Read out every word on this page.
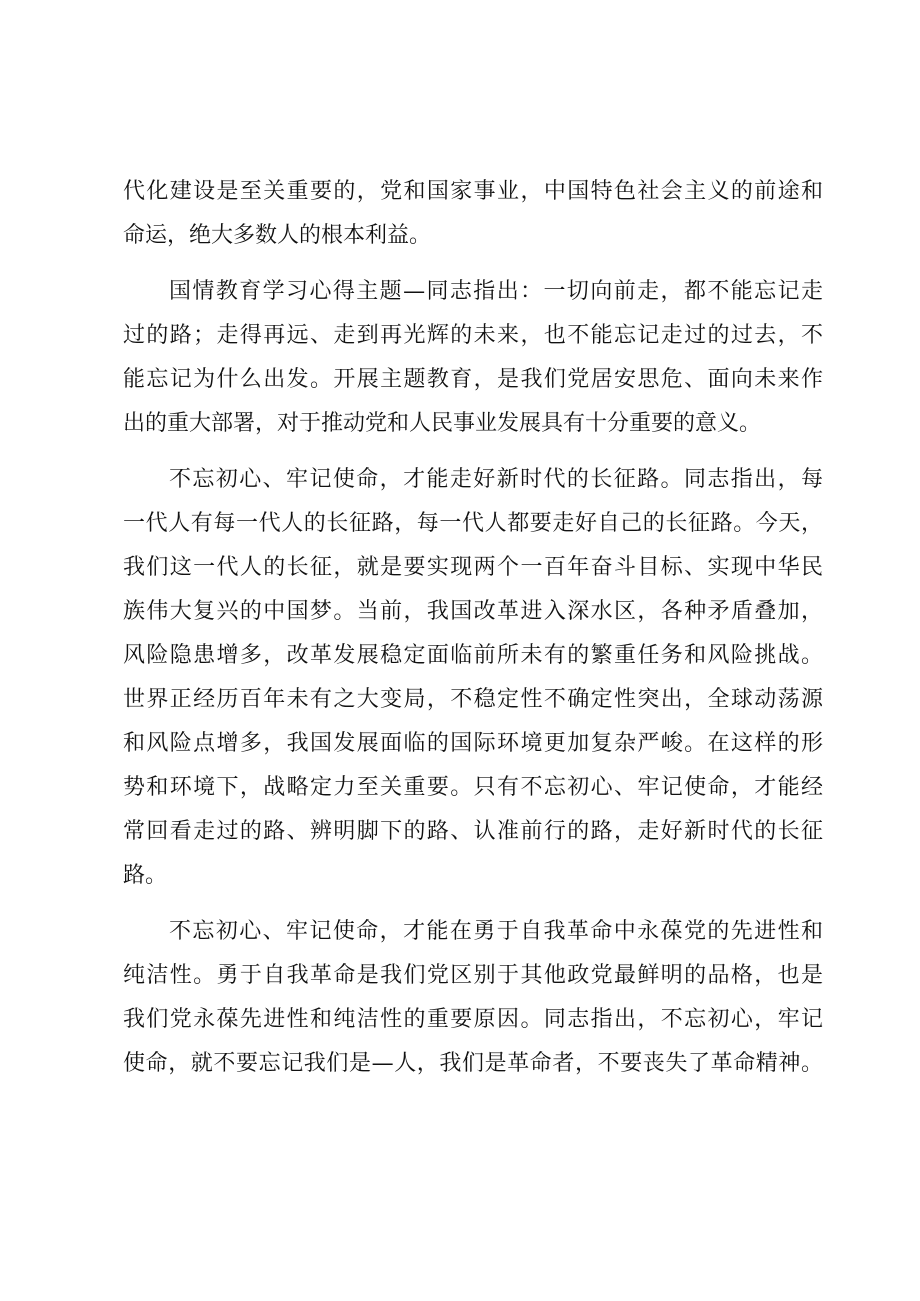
代化建设是至关重要的，党和国家事业，中国特色社会主义的前途和
命运，绝大多数人的根本利益。
国情教育学习心得主题—同志指出：一切向前走，都不能忘记走
过的路；走得再远、走到再光辉的未来，也不能忘记走过的过去，不
能忘记为什么出发。开展主题教育，是我们党居安思危、面向未来作
出的重大部署，对于推动党和人民事业发展具有十分重要的意义。
不忘初心、牢记使命，才能走好新时代的长征路。同志指出，每
一代人有每一代人的长征路，每一代人都要走好自己的长征路。今天，
我们这一代人的长征，就是要实现两个一百年奋斗目标、实现中华民
族伟大复兴的中国梦。当前，我国改革进入深水区，各种矛盾叠加，
风险隐患增多，改革发展稳定面临前所未有的繁重任务和风险挑战。
世界正经历百年未有之大变局，不稳定性不确定性突出，全球动荡源
和风险点增多，我国发展面临的国际环境更加复杂严峻。在这样的形
势和环境下，战略定力至关重要。只有不忘初心、牢记使命，才能经
常回看走过的路、辨明脚下的路、认准前行的路，走好新时代的长征
路。
不忘初心、牢记使命，才能在勇于自我革命中永葆党的先进性和
纯洁性。勇于自我革命是我们党区别于其他政党最鲜明的品格，也是
我们党永葆先进性和纯洁性的重要原因。同志指出，不忘初心，牢记
使命，就不要忘记我们是—人，我们是革命者，不要丧失了革命精神。
